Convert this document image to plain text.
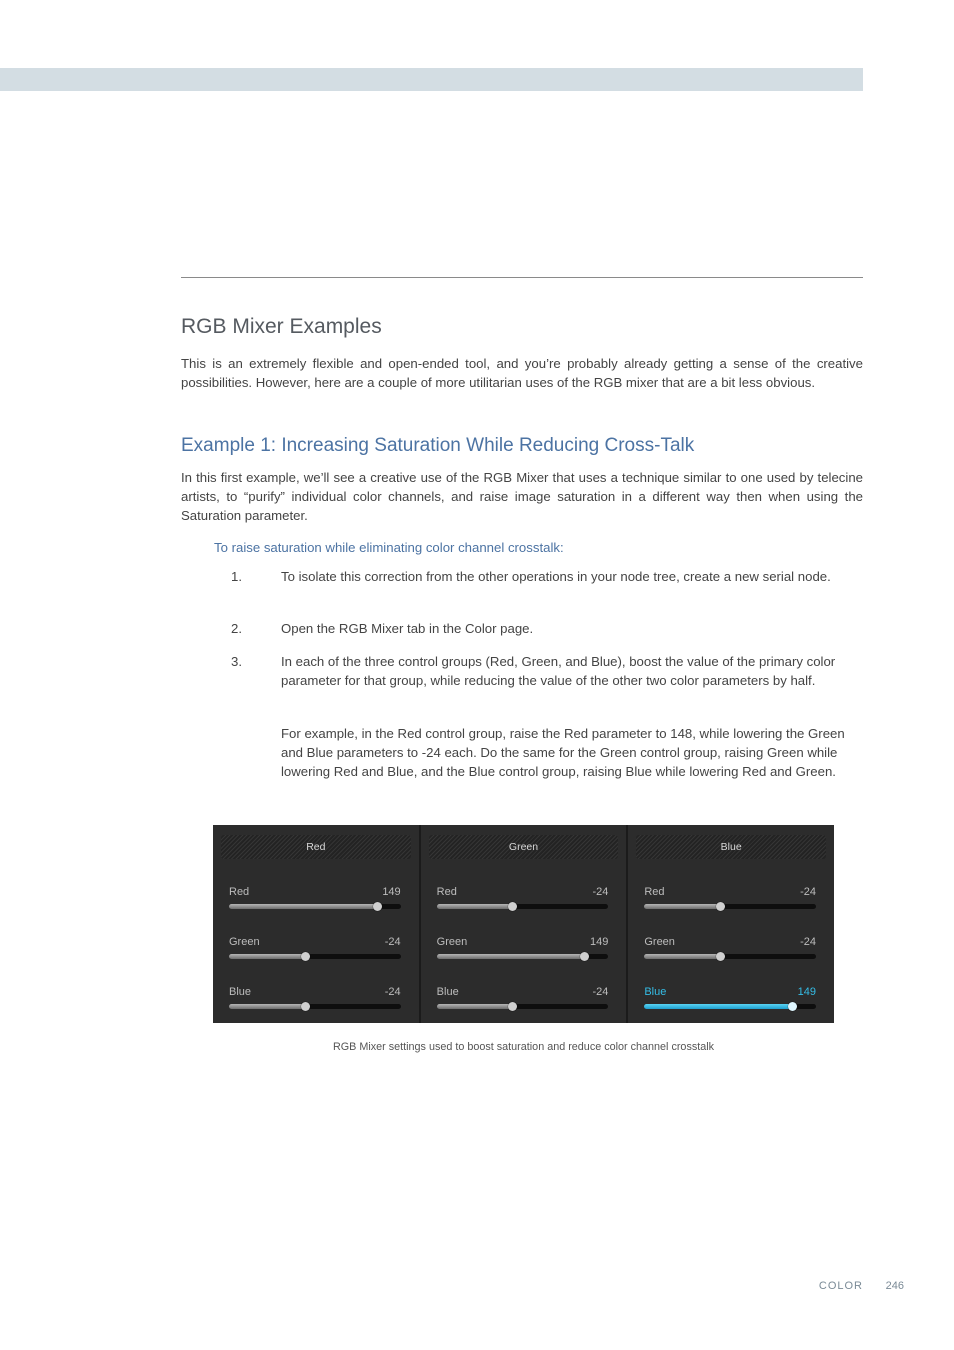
RGB Mixer Examples

This is an extremely flexible and open-ended tool, and you’re probably already getting a sense of the creative possibilities. However, here are a couple of more utilitarian uses of the RGB mixer that are a bit less obvious.

Example 1: Increasing Saturation While Reducing Cross-Talk

In this first example, we’ll see a creative use of the RGB Mixer that uses a technique similar to one used by telecine artists, to “purify” individual color channels, and raise image saturation in a different way then when using the Saturation parameter.

To raise saturation while eliminating color channel crosstalk:

1.	To isolate this correction from the other operations in your node tree, create a new serial node.
2.	Open the RGB Mixer tab in the Color page.
3.	In each of the three control groups (Red, Green, and Blue), boost the value of the primary color parameter for that group, while reducing the value of the other two color parameters by half.

For example, in the Red control group, raise the Red parameter to 148, while lowering the Green and Blue parameters to -24 each. Do the same for the Green control group, raising Green while lowering Red and Blue, and the Blue control group, raising Blue while lowering Red and Green.

Red
Red	149
Green	-24
Blue	-24
Green
Red	-24
Green	149
Blue	-24
Blue
Red	-24
Green	-24
Blue	149

RGB Mixer settings used to boost saturation and reduce color channel crosstalk

COLOR 246
